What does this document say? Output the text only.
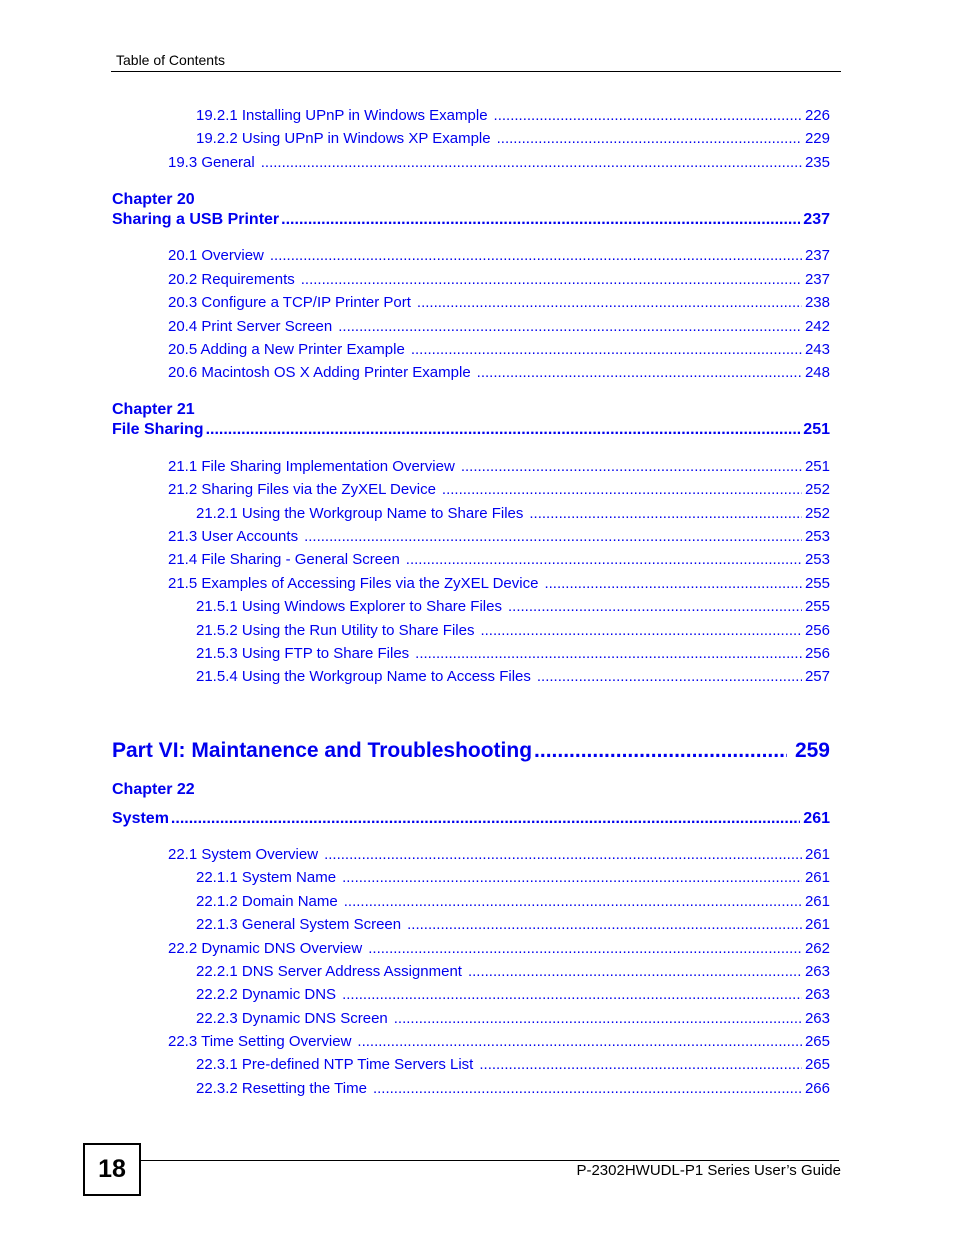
Table of Contents
19.2.1 Installing UPnP in Windows Example .....	226
19.2.2 Using UPnP in Windows XP Example .....	229
19.3 General .....	235
Chapter 20
Sharing a USB Printer .....	237
20.1 Overview .....	237
20.2 Requirements .....	237
20.3 Configure a TCP/IP Printer Port .....	238
20.4 Print Server Screen .....	242
20.5 Adding a New Printer Example .....	243
20.6 Macintosh OS X Adding Printer Example .....	248
Chapter 21
File Sharing .....	251
21.1 File Sharing Implementation Overview .....	251
21.2 Sharing Files via the ZyXEL Device .....	252
21.2.1 Using the Workgroup Name to Share Files .....	252
21.3 User Accounts .....	253
21.4 File Sharing - General Screen .....	253
21.5 Examples of Accessing Files via the ZyXEL Device .....	255
21.5.1 Using Windows Explorer to Share Files .....	255
21.5.2 Using the Run Utility to Share Files .....	256
21.5.3 Using FTP to Share Files .....	256
21.5.4 Using the Workgroup Name to Access Files .....	257
Part VI: Maintanence and Troubleshooting .....	259
Chapter 22
System .....	261
22.1 System Overview .....	261
22.1.1 System Name .....	261
22.1.2 Domain Name .....	261
22.1.3 General System Screen .....	261
22.2 Dynamic DNS Overview .....	262
22.2.1 DNS Server Address Assignment .....	263
22.2.2 Dynamic DNS .....	263
22.2.3 Dynamic DNS Screen .....	263
22.3 Time Setting Overview .....	265
22.3.1 Pre-defined NTP Time Servers List .....	265
22.3.2 Resetting the Time .....	266
18	P-2302HWUDL-P1 Series User’s Guide
